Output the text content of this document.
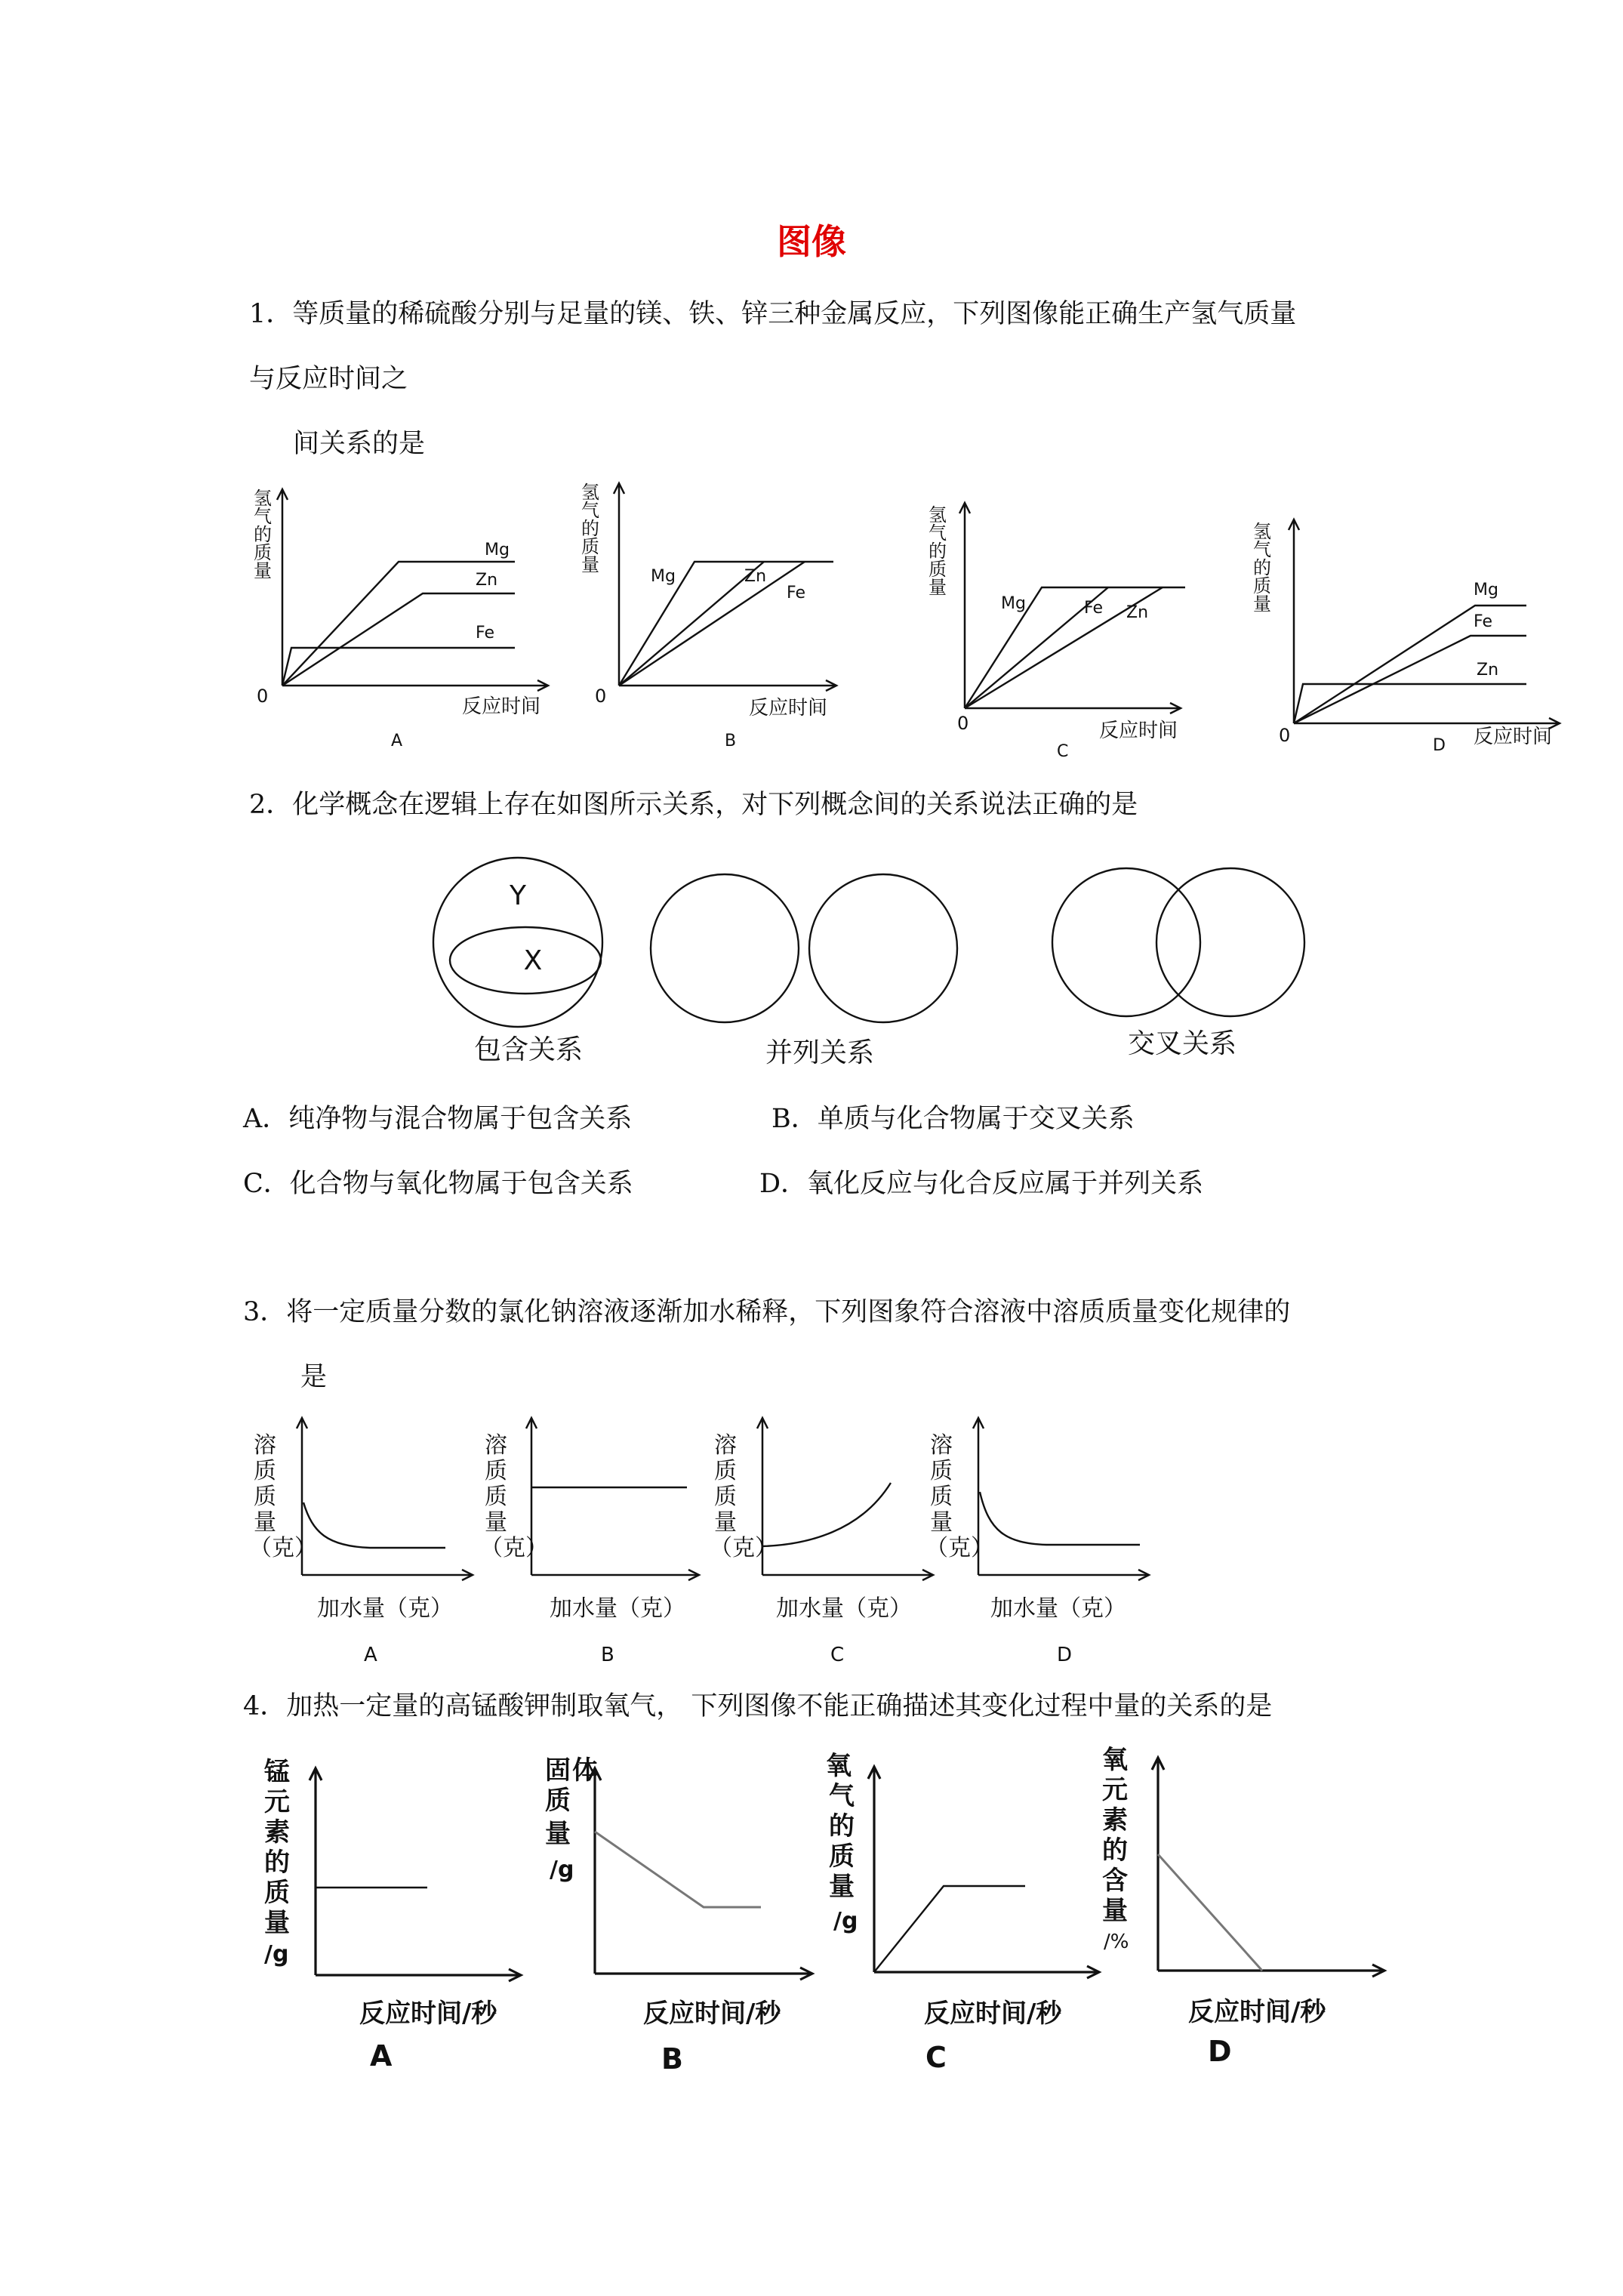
图像
1．等质量的稀硫酸分别与足量的镁、铁、锌三种金属反应，下列图像能正确生产氢气质量
与反应时间之
间关系的是
氢
气
的
质
量
0
Mg
Zn
Fe
反应时间
A
氢
气
的
质
量
0
Mg	Zn
Fe
反应时间
B
氢
气
的
质
量
0
Mg	Fe Zn
反应时间
C
氢
气
的
质
量
0
Mg
Fe
Zn
反应时间
D
2．化学概念在逻辑上存在如图所示关系，对下列概念间的关系说法正确的是
Y
X
包含关系	并列关系	交叉关系
A．纯净物与混合物属于包含关系	B．单质与化合物属于交叉关系
C．化合物与氧化物属于包含关系	D．氧化反应与化合反应属于并列关系
3．将一定质量分数的氯化钠溶液逐渐加水稀释，下列图象符合溶液中溶质质量变化规律的
是
溶
质
质
量
（克）
加水量（克）
A
溶
质
质
量
（克）
加水量（克）
B
溶
质
质
量
（克）
加水量（克）
C
溶
质
质
量
（克）
加水量（克）
D
4．加热一定量的高锰酸钾制取氧气， 下列图像不能正确描述其变化过程中量的关系的是
锰
元
素
的
质
量
/g
反应时间/秒
A
固 体
质
量
/g
反应时间/秒
B
氧
气
的
质
量
/g
反应时间/秒
C
氧
元
素
的
含
量
/%
反应时间/秒
D
